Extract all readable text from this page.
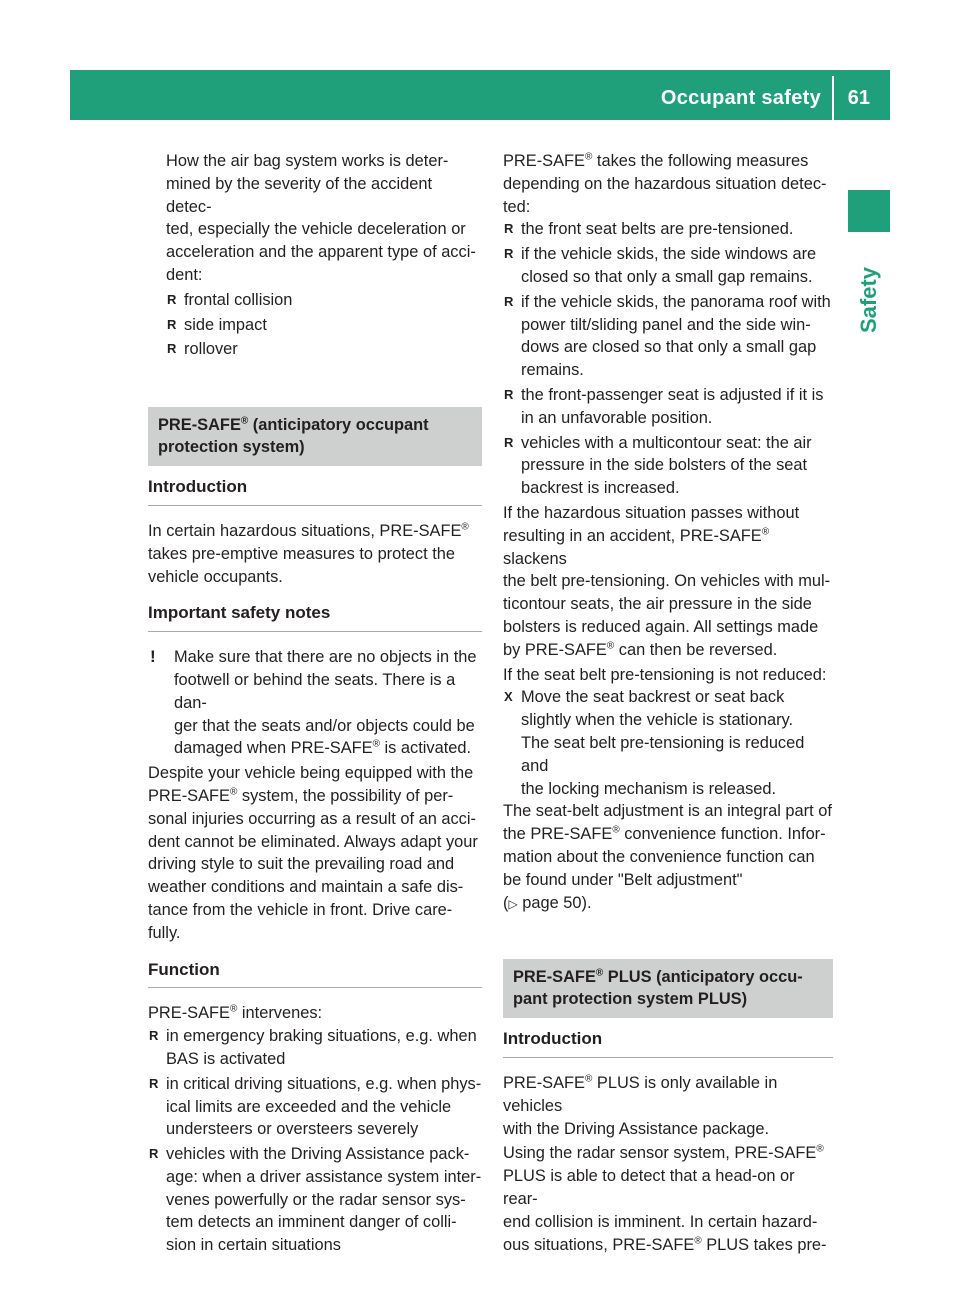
Occupant safety 61
Safety
How the air bag system works is deter-
mined by the severity of the accident detec-
ted, especially the vehicle deceleration or
acceleration and the apparent type of acci-
dent:
R frontal collision
R side impact
R rollover
PRE-SAFE® (anticipatory occupant
protection system)
Introduction
In certain hazardous situations, PRE-SAFE®
takes pre-emptive measures to protect the
vehicle occupants.
Important safety notes
! Make sure that there are no objects in the
footwell or behind the seats. There is a dan-
ger that the seats and/or objects could be
damaged when PRE-SAFE® is activated.
Despite your vehicle being equipped with the
PRE-SAFE® system, the possibility of per-
sonal injuries occurring as a result of an acci-
dent cannot be eliminated. Always adapt your
driving style to suit the prevailing road and
weather conditions and maintain a safe dis-
tance from the vehicle in front. Drive care-
fully.
Function
PRE-SAFE® intervenes:
R in emergency braking situations, e.g. when
BAS is activated
R in critical driving situations, e.g. when phys-
ical limits are exceeded and the vehicle
understeers or oversteers severely
R vehicles with the Driving Assistance pack-
age: when a driver assistance system inter-
venes powerfully or the radar sensor sys-
tem detects an imminent danger of colli-
sion in certain situations
PRE-SAFE® takes the following measures
depending on the hazardous situation detec-
ted:
R the front seat belts are pre-tensioned.
R if the vehicle skids, the side windows are
closed so that only a small gap remains.
R if the vehicle skids, the panorama roof with
power tilt/sliding panel and the side win-
dows are closed so that only a small gap
remains.
R the front-passenger seat is adjusted if it is
in an unfavorable position.
R vehicles with a multicontour seat: the air
pressure in the side bolsters of the seat
backrest is increased.
If the hazardous situation passes without
resulting in an accident, PRE-SAFE® slackens
the belt pre-tensioning. On vehicles with mul-
ticontour seats, the air pressure in the side
bolsters is reduced again. All settings made
by PRE-SAFE® can then be reversed.
If the seat belt pre-tensioning is not reduced:
X Move the seat backrest or seat back
slightly when the vehicle is stationary.
The seat belt pre-tensioning is reduced and
the locking mechanism is released.
The seat-belt adjustment is an integral part of
the PRE-SAFE® convenience function. Infor-
mation about the convenience function can
be found under "Belt adjustment"
(▷ page 50).
PRE-SAFE® PLUS (anticipatory occu-
pant protection system PLUS)
Introduction
PRE-SAFE® PLUS is only available in vehicles
with the Driving Assistance package.
Using the radar sensor system, PRE-SAFE®
PLUS is able to detect that a head-on or rear-
end collision is imminent. In certain hazard-
ous situations, PRE-SAFE® PLUS takes pre-
